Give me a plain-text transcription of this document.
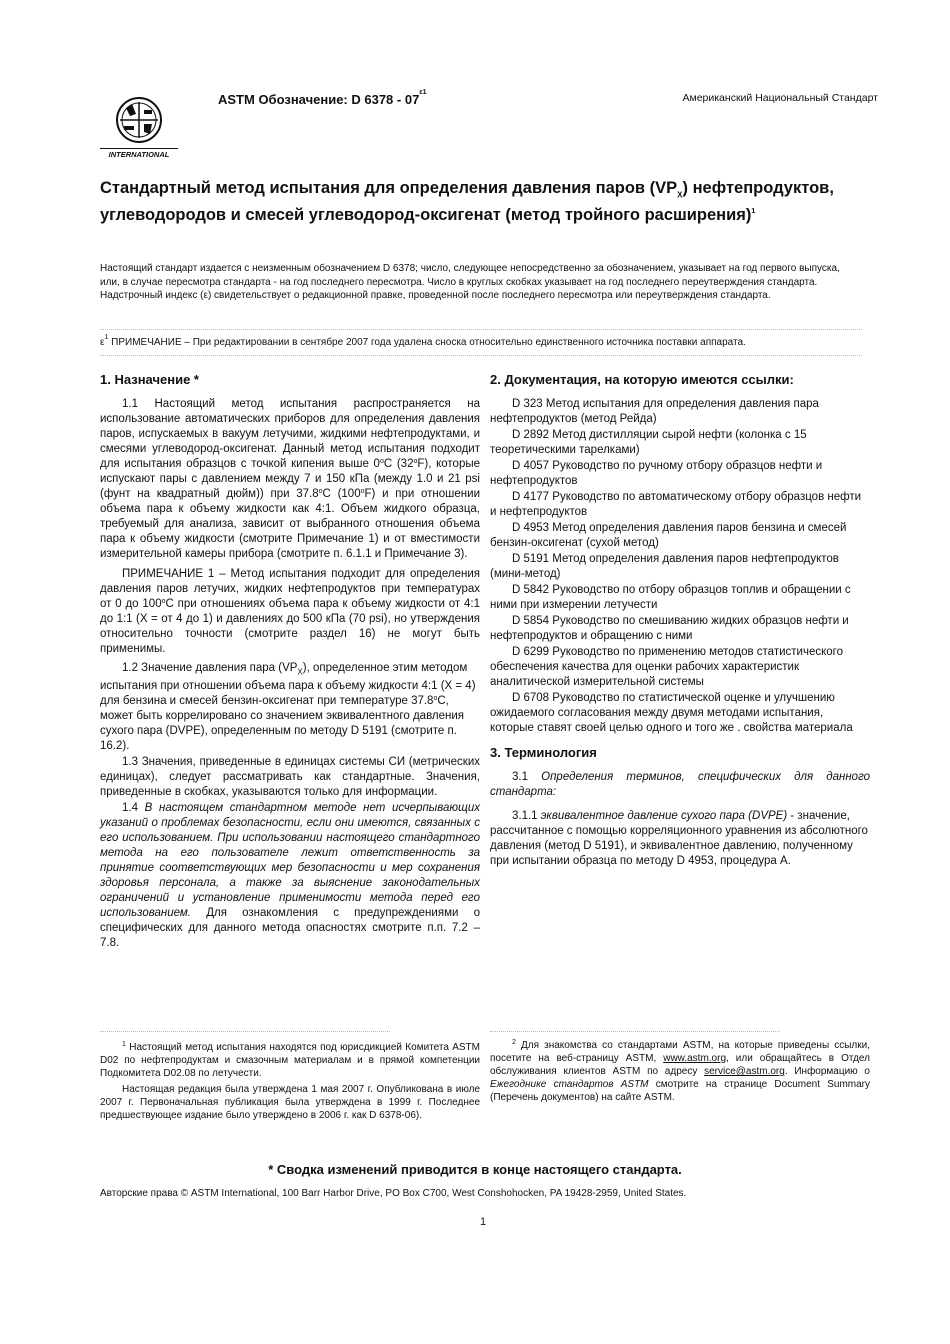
INTERNATIONAL
ASTM Обозначение: D $6378 - 07^{\varepsilon 1}$	Американский Национальный Стандарт
Стандартный метод испытания для определения давления паров $(VP_X)$ нефтепродуктов, углеводородов и смесей углеводород-оксигенат (метод тройного расширения)$^1$
Настоящий стандарт издается с неизменным обозначением D 6378; число, следующее непосредственно за обозначением, указывает на год первого выпуска, или, в случае пересмотра стандарта - на год последнего пересмотра. Число в круглых скобках указывает на год последнего переутверждения стандарта. Надстрочный индекс (ε) свидетельствует о редакционной правке, проведенной после последнего пересмотра или переутверждения стандарта.
$\varepsilon^1$ ПРИМЕЧАНИЕ – При редактировании в сентябре 2007 года удалена сноска относительно единственного источника поставки аппарата.
1. Назначение *

1.1 Настоящий метод испытания распространяется на использование автоматических приборов для определения давления паров, испускаемых в вакуум летучими, жидкими нефтепродуктами, и смесями углеводород-оксигенат. Данный метод испытания подходит для испытания образцов с точкой кипения выше 0$^o$C (32$^o$F), которые испускают пары с давлением между 7 и 150 кПа (между 1.0 и 21 psi (фунт на квадратный дюйм)) при 37.8$^o$C (100$^o$F) и при отношении объема пара к объему жидкости как 4:1. Объем жидкого образца, требуемый для анализа, зависит от выбранного отношения объема пара к объему жидкости (смотрите Примечание 1) и от вместимости измерительной камеры прибора (смотрите п. 6.1.1 и Примечание 3).

ПРИМЕЧАНИЕ 1 – Метод испытания подходит для определения давления паров летучих, жидких нефтепродуктов при температурах от 0 до 100$^o$C при отношениях объема пара к объему жидкости от 4:1 до 1:1 (X = от 4 до 1) и давлениях до 500 кПа (70 psi), но утверждения относительно точности (смотрите раздел 16) не могут быть применимы.

1.2 Значение давления пара $(VP_X)$, определенное этим методом испытания при отношении объема пара к объему жидкости 4:1 (X = 4) для бензина и смесей бензин-оксигенат при температуре 37.8$^o$C, может быть коррелировано со значением эквивалентного давления сухого пара (DVPE), определенным по методу D 5191 (смотрите п. 16.2).

1.3 Значения, приведенные в единицах системы СИ (метрических единицах), следует рассматривать как стандартные. Значения, приведенные в скобках, указываются только для информации.

1.4 В настоящем стандартном методе нет исчерпывающих указаний о проблемах безопасности, если они имеются, связанных с его использованием. При использовании настоящего стандартного метода на его пользователе лежит ответственность за принятие соответствующих мер безопасности и мер сохранения здоровья персонала, а также за выяснение законодательных ограничений и установление применимости метода перед его использованием. Для ознакомления с предупреждениями о специфических для данного метода опасностях смотрите п.п. 7.2 – 7.8.

2. Документация, на которую имеются ссылки:

D 323 Метод испытания для определения давления пара нефтепродуктов (метод Рейда)

D 2892 Метод дистилляции сырой нефти (колонка с 15 теоретическими тарелками)

D 4057 Руководство по ручному отбору образцов нефти и нефтепродуктов

D 4177 Руководство по автоматическому отбору образцов нефти и нефтепродуктов

D 4953 Метод определения давления паров бензина и смесей бензин-оксигенат (сухой метод)

D 5191 Метод определения давления паров нефтепродуктов (мини-метод)

D 5842 Руководство по отбору образцов топлив и обращении с ними при измерении летучести

D 5854 Руководство по смешиванию жидких образцов нефти и нефтепродуктов и обращению с ними

D 6299 Руководство по применению методов статистического обеспечения качества для оценки рабочих характеристик аналитической измерительной системы

D 6708 Руководство по статистической оценке и улучшению ожидаемого согласования между двумя методами испытания, которые ставят своей целью одного и того же . свойства материала

3. Терминология

3.1 Определения терминов, специфических для данного стандарта:

3.1.1 эквивалентное давление сухого пара (DVPE) - значение, рассчитанное с помощью корреляционного уравнения из абсолютного давления (метод D 5191), и эквивалентное давлению, полученному при испытании образца по методу D 4953, процедура А.

$^1$ Настоящий метод испытания находятся под юрисдикцией Комитета ASTM D02 по нефтепродуктам и смазочным материалам и в прямой компетенции Подкомитета D02.08 по летучести.

Настоящая редакция была утверждена 1 мая 2007 г. Опубликована в июле 2007 г. Первоначальная публикация была утверждена в 1999 г. Последнее предшествующее издание было утверждено в 2006 г. как D 6378-06).

$^2$ Для знакомства со стандартами ASTM, на которые приведены ссылки, посетите на веб-страницу ASTM, www.astm.org, или обращайтесь в Отдел обслуживания клиентов ASTM по адресу service@astm.org. Информацию о Ежегоднике стандартов ASTM смотрите на странице Document Summary (Перечень документов) на сайте ASTM.

* Сводка изменений приводится в конце настоящего стандарта.
Авторские права © ASTM International, 100 Barr Harbor Drive, PO Box C700, West Conshohocken, PA 19428-2959, United States.
1
